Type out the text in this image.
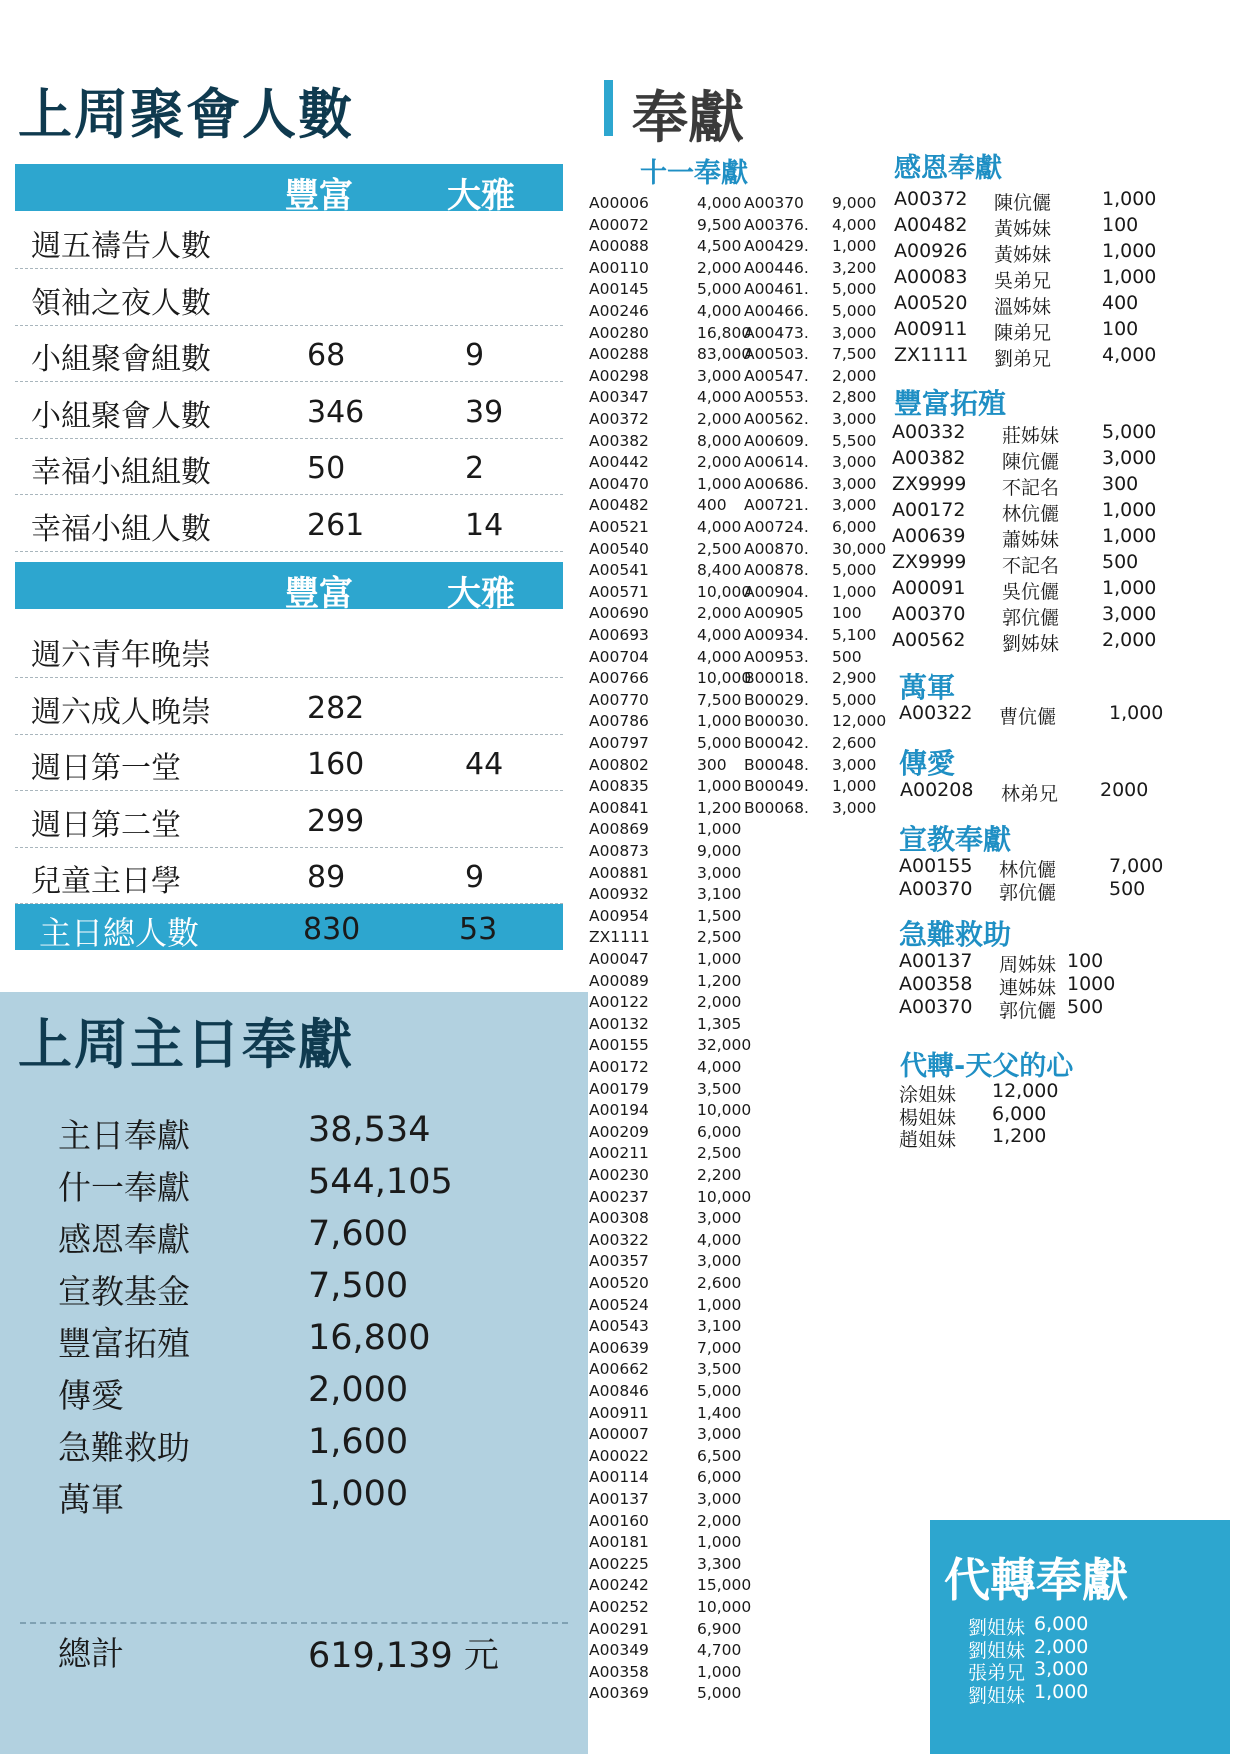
上周聚會人數
豐富	大雅
週五禱告人數
領袖之夜人數
小組聚會組數	68	9
小組聚會人數	346	39
幸福小組組數	50	2
幸福小組人數	261	14
豐富	大雅
週六青年晚崇
週六成人晚崇	282
週日第一堂	160	44
週日第二堂	299
兒童主日學	89	9
主日總人數	830	53
上周主日奉獻
主日奉獻	38,534
什一奉獻	544,105
感恩奉獻	7,600
宣教基金	7,500
豐富拓殖	16,800
傳愛	2,000
急難救助	1,600
萬軍	1,000
總計	619,139 元
奉獻
十一奉獻
A00006	4,000
A00072	9,500
A00088	4,500
A00110	2,000
A00145	5,000
A00246	4,000
A00280	16,800
A00288	83,000
A00298	3,000
A00347	4,000
A00372	2,000
A00382	8,000
A00442	2,000
A00470	1,000
A00482	400
A00521	4,000
A00540	2,500
A00541	8,400
A00571	10,000
A00690	2,000
A00693	4,000
A00704	4,000
A00766	10,000
A00770	7,500
A00786	1,000
A00797	5,000
A00802	300
A00835	1,000
A00841	1,200
A00869	1,000
A00873	9,000
A00881	3,000
A00932	3,100
A00954	1,500
ZX1111	2,500
A00047	1,000
A00089	1,200
A00122	2,000
A00132	1,305
A00155	32,000
A00172	4,000
A00179	3,500
A00194	10,000
A00209	6,000
A00211	2,500
A00230	2,200
A00237	10,000
A00308	3,000
A00322	4,000
A00357	3,000
A00520	2,600
A00524	1,000
A00543	3,100
A00639	7,000
A00662	3,500
A00846	5,000
A00911	1,400
A00007	3,000
A00022	6,500
A00114	6,000
A00137	3,000
A00160	2,000
A00181	1,000
A00225	3,300
A00242	15,000
A00252	10,000
A00291	6,900
A00349	4,700
A00358	1,000
A00369	5,000
A00370 9,000
A00376. 4,000
A00429. 1,000
A00446. 3,200
A00461. 5,000
A00466. 5,000
A00473. 3,000
A00503. 7,500
A00547. 2,000
A00553. 2,800
A00562. 3,000
A00609. 5,500
A00614. 3,000
A00686. 3,000
A00721. 3,000
A00724. 6,000
A00870. 30,000
A00878. 5,000
A00904. 1,000
A00905 100
A00934. 5,100
A00953. 500
B00018. 2,900
B00029. 5,000
B00030. 12,000
B00042. 2,600
B00048. 3,000
B00049. 1,000
B00068. 3,000
感恩奉獻
A00372 陳伉儷	1,000
A00482 黃姊妹	100
A00926 黃姊妹	1,000
A00083 吳弟兄	1,000
A00520 溫姊妹	400
A00911 陳弟兄	100
ZX1111 劉弟兄	4,000
豐富拓殖
A00332 莊姊妹 5,000
A00382 陳伉儷 3,000
ZX9999 不記名 300
A00172 林伉儷 1,000
A00639 蕭姊妹 1,000
ZX9999 不記名 500
A00091 吳伉儷 1,000
A00370 郭伉儷 3,000
A00562 劉姊妹 2,000
萬軍
A00322 曹伉儷	1,000
傳愛
A00208 林弟兄 2000
宣教奉獻
A00155 林伉儷	7,000
A00370 郭伉儷	500
急難救助
A00137 周姊妹 100
A00358 連姊妹 1000
A00370 郭伉儷 500
代轉-天父的心
涂姐妹 12,000
楊姐妹 6,000
趙姐妹 1,200
代轉奉獻
劉姐妹 6,000
劉姐妹 2,000
張弟兄 3,000
劉姐妹 1,000
